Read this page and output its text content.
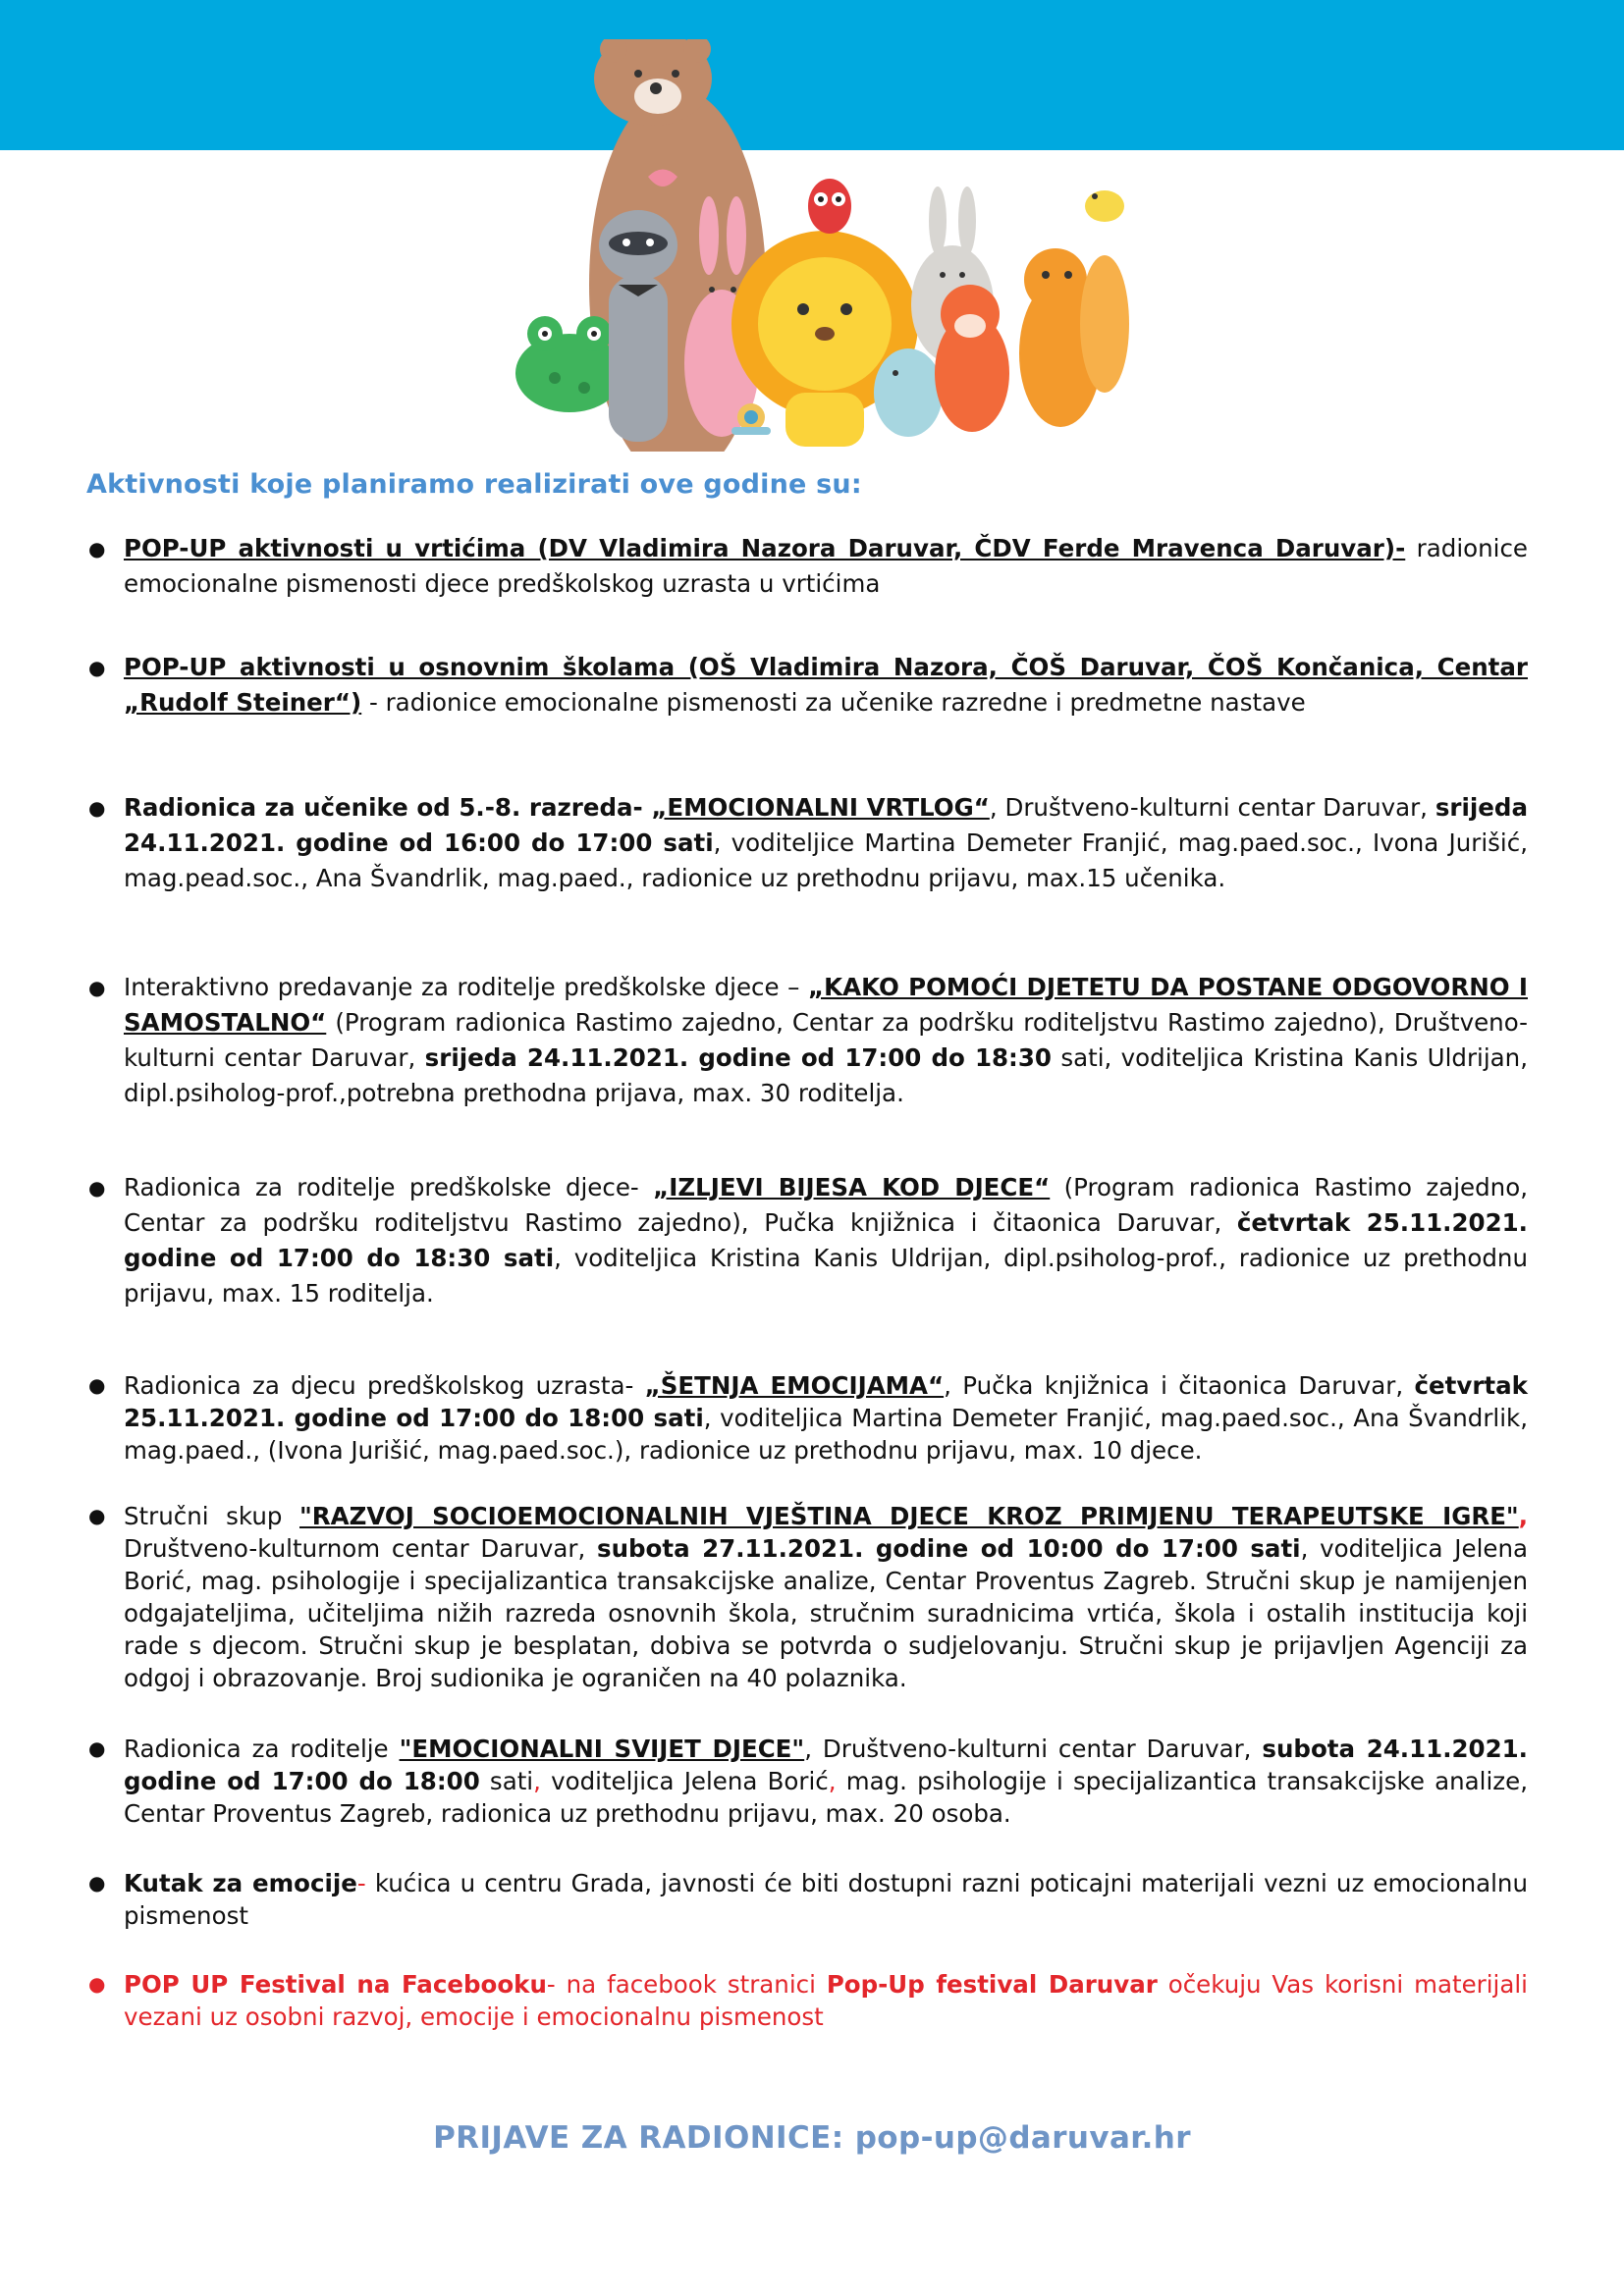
Aktivnosti koje planiramo realizirati ove godine su:
● POP-UP aktivnosti u vrtićima (DV Vladimira Nazora Daruvar, ČDV Ferde Mravenca Daruvar)- radionice emocionalne pismenosti djece predškolskog uzrasta u vrtićima
● POP-UP aktivnosti u osnovnim školama (OŠ Vladimira Nazora, ČOŠ Daruvar, ČOŠ Končanica, Centar „Rudolf Steiner“) - radionice emocionalne pismenosti za učenike razredne i predmetne nastave
● Radionica za učenike od 5.-8. razreda- „EMOCIONALNI VRTLOG“, Društveno-kulturni centar Daruvar, srijeda 24.11.2021. godine od 16:00 do 17:00 sati, voditeljice Martina Demeter Franjić, mag.paed.soc., Ivona Jurišić, mag.pead.soc., Ana Švandrlik, mag.paed., radionice uz prethodnu prijavu, max.15 učenika.
● Interaktivno predavanje za roditelje predškolske djece – „KAKO POMOĆI DJETETU DA POSTANE ODGOVORNO I SAMOSTALNO“ (Program radionica Rastimo zajedno, Centar za podršku roditeljstvu Rastimo zajedno), Društveno-kulturni centar Daruvar, srijeda 24.11.2021. godine od 17:00 do 18:30 sati, voditeljica Kristina Kanis Uldrijan, dipl.psiholog-prof.,potrebna prethodna prijava, max. 30 roditelja.
● Radionica za roditelje predškolske djece- „IZLJEVI BIJESA KOD DJECE“ (Program radionica Rastimo zajedno, Centar za podršku roditeljstvu Rastimo zajedno), Pučka knjižnica i čitaonica Daruvar, četvrtak 25.11.2021. godine od 17:00 do 18:30 sati, voditeljica Kristina Kanis Uldrijan, dipl.psiholog-prof., radionice uz prethodnu prijavu, max. 15 roditelja.
● Radionica za djecu predškolskog uzrasta- „ŠETNJA EMOCIJAMA“, Pučka knjižnica i čitaonica Daruvar, četvrtak 25.11.2021. godine od 17:00 do 18:00 sati, voditeljica Martina Demeter Franjić, mag.paed.soc., Ana Švandrlik, mag.paed., (Ivona Jurišić, mag.paed.soc.), radionice uz prethodnu prijavu, max. 10 djece.
● Stručni skup "RAZVOJ SOCIOEMOCIONALNIH VJEŠTINA DJECE KROZ PRIMJENU TERAPEUTSKE IGRE", Društveno-kulturnom centar Daruvar, subota 27.11.2021. godine od 10:00 do 17:00 sati, voditeljica Jelena Borić, mag. psihologije i specijalizantica transakcijske analize, Centar Proventus Zagreb. Stručni skup je namijenjen odgajateljima, učiteljima nižih razreda osnovnih škola, stručnim suradnicima vrtića, škola i ostalih institucija koji rade s djecom. Stručni skup je besplatan, dobiva se potvrda o sudjelovanju. Stručni skup je prijavljen Agenciji za odgoj i obrazovanje. Broj sudionika je ograničen na 40 polaznika.
● Radionica za roditelje "EMOCIONALNI SVIJET DJECE", Društveno-kulturni centar Daruvar, subota 24.11.2021. godine od 17:00 do 18:00 sati, voditeljica Jelena Borić, mag. psihologije i specijalizantica transakcijske analize, Centar Proventus Zagreb, radionica uz prethodnu prijavu, max. 20 osoba.
● Kutak za emocije- kućica u centru Grada, javnosti će biti dostupni razni poticajni materijali vezni uz emocionalnu pismenost
● POP UP Festival na Facebooku- na facebook stranici Pop-Up festival Daruvar očekuju Vas korisni materijali vezani uz osobni razvoj, emocije i emocionalnu pismenost
PRIJAVE ZA RADIONICE: pop-up@daruvar.hr
